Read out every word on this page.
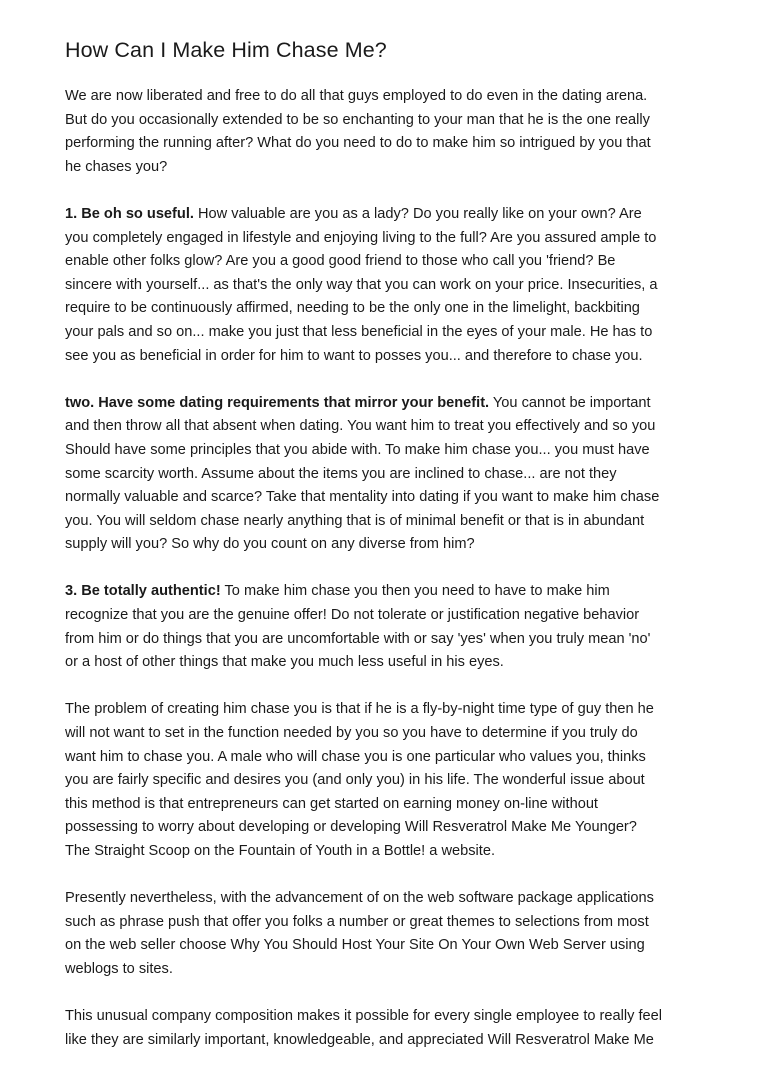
How Can I Make Him Chase Me?
We are now liberated and free to do all that guys employed to do even in the dating arena.
But do you occasionally extended to be so enchanting to your man that he is the one really
performing the running after? What do you need to do to make him so intrigued by you that
he chases you?
1. Be oh so useful. How valuable are you as a lady? Do you really like on your own? Are
you completely engaged in lifestyle and enjoying living to the full? Are you assured ample to
enable other folks glow? Are you a good good friend to those who call you 'friend? Be
sincere with yourself... as that's the only way that you can work on your price. Insecurities, a
require to be continuously affirmed, needing to be the only one in the limelight, backbiting
your pals and so on... make you just that less beneficial in the eyes of your male. He has to
see you as beneficial in order for him to want to posses you... and therefore to chase you.
two. Have some dating requirements that mirror your benefit. You cannot be important
and then throw all that absent when dating. You want him to treat you effectively and so you
Should have some principles that you abide with. To make him chase you... you must have
some scarcity worth. Assume about the items you are inclined to chase... are not they
normally valuable and scarce? Take that mentality into dating if you want to make him chase
you. You will seldom chase nearly anything that is of minimal benefit or that is in abundant
supply will you? So why do you count on any diverse from him?
3. Be totally authentic! To make him chase you then you need to have to make him
recognize that you are the genuine offer! Do not tolerate or justification negative behavior
from him or do things that you are uncomfortable with or say 'yes' when you truly mean 'no'
or a host of other things that make you much less useful in his eyes.
The problem of creating him chase you is that if he is a fly-by-night time type of guy then he
will not want to set in the function needed by you so you have to determine if you truly do
want him to chase you. A male who will chase you is one particular who values you, thinks
you are fairly specific and desires you (and only you) in his life. The wonderful issue about
this method is that entrepreneurs can get started on earning money on-line without
possessing to worry about developing or developing Will Resveratrol Make Me Younger?
The Straight Scoop on the Fountain of Youth in a Bottle! a website.
Presently nevertheless, with the advancement of on the web software package applications
such as phrase push that offer you folks a number or great themes to selections from most
on the web seller choose Why You Should Host Your Site On Your Own Web Server using
weblogs to sites.
This unusual company composition makes it possible for every single employee to really feel
like they are similarly important, knowledgeable, and appreciated Will Resveratrol Make Me
